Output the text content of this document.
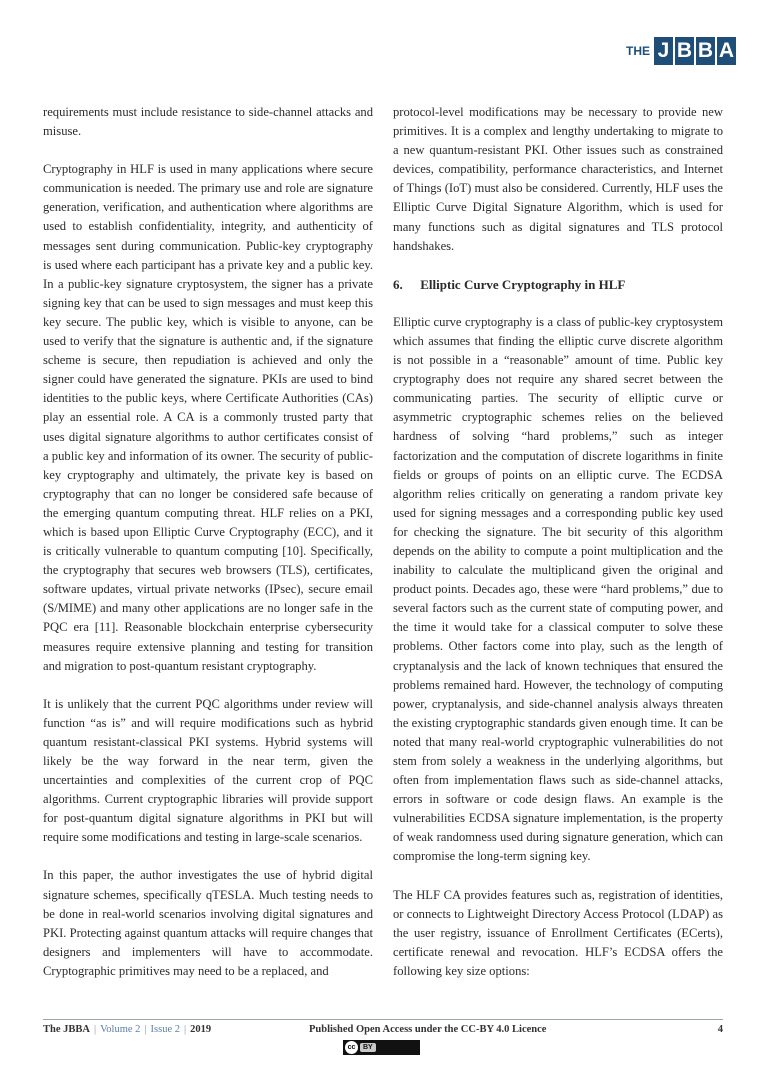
THE J B B A

requirements must include resistance to side-channel attacks and misuse.

Cryptography in HLF is used in many applications where secure communication is needed. The primary use and role are signature generation, verification, and authentication where algorithms are used to establish confidentiality, integrity, and authenticity of messages sent during communication. Public-key cryptography is used where each participant has a private key and a public key. In a public-key signature cryptosystem, the signer has a private signing key that can be used to sign messages and must keep this key secure. The public key, which is visible to anyone, can be used to verify that the signature is authentic and, if the signature scheme is secure, then repudiation is achieved and only the signer could have generated the signature. PKIs are used to bind identities to the public keys, where Certificate Authorities (CAs) play an essential role. A CA is a commonly trusted party that uses digital signature algorithms to author certificates consist of a public key and information of its owner. The security of public-key cryptography and ultimately, the private key is based on cryptography that can no longer be considered safe because of the emerging quantum computing threat. HLF relies on a PKI, which is based upon Elliptic Curve Cryptography (ECC), and it is critically vulnerable to quantum computing [10]. Specifically, the cryptography that secures web browsers (TLS), certificates, software updates, virtual private networks (IPsec), secure email (S/MIME) and many other applications are no longer safe in the PQC era [11]. Reasonable blockchain enterprise cybersecurity measures require extensive planning and testing for transition and migration to post-quantum resistant cryptography.

It is unlikely that the current PQC algorithms under review will function “as is” and will require modifications such as hybrid quantum resistant-classical PKI systems. Hybrid systems will likely be the way forward in the near term, given the uncertainties and complexities of the current crop of PQC algorithms. Current cryptographic libraries will provide support for post-quantum digital signature algorithms in PKI but will require some modifications and testing in large-scale scenarios.

In this paper, the author investigates the use of hybrid digital signature schemes, specifically qTESLA. Much testing needs to be done in real-world scenarios involving digital signatures and PKI. Protecting against quantum attacks will require changes that designers and implementers will have to accommodate. Cryptographic primitives may need to be a replaced, and

protocol-level modifications may be necessary to provide new primitives. It is a complex and lengthy undertaking to migrate to a new quantum-resistant PKI. Other issues such as constrained devices, compatibility, performance characteristics, and Internet of Things (IoT) must also be considered. Currently, HLF uses the Elliptic Curve Digital Signature Algorithm, which is used for many functions such as digital signatures and TLS protocol handshakes.

6. Elliptic Curve Cryptography in HLF

Elliptic curve cryptography is a class of public-key cryptosystem which assumes that finding the elliptic curve discrete algorithm is not possible in a “reasonable” amount of time. Public key cryptography does not require any shared secret between the communicating parties. The security of elliptic curve or asymmetric cryptographic schemes relies on the believed hardness of solving “hard problems,” such as integer factorization and the computation of discrete logarithms in finite fields or groups of points on an elliptic curve. The ECDSA algorithm relies critically on generating a random private key used for signing messages and a corresponding public key used for checking the signature. The bit security of this algorithm depends on the ability to compute a point multiplication and the inability to calculate the multiplicand given the original and product points. Decades ago, these were “hard problems,” due to several factors such as the current state of computing power, and the time it would take for a classical computer to solve these problems. Other factors come into play, such as the length of cryptanalysis and the lack of known techniques that ensured the problems remained hard. However, the technology of computing power, cryptanalysis, and side-channel analysis always threaten the existing cryptographic standards given enough time. It can be noted that many real-world cryptographic vulnerabilities do not stem from solely a weakness in the underlying algorithms, but often from implementation flaws such as side-channel attacks, errors in software or code design flaws. An example is the vulnerabilities ECDSA signature implementation, is the property of weak randomness used during signature generation, which can compromise the long-term signing key.

The HLF CA provides features such as, registration of identities, or connects to Lightweight Directory Access Protocol (LDAP) as the user registry, issuance of Enrollment Certificates (ECerts), certificate renewal and revocation. HLF’s ECDSA offers the following key size options:

The JBBA | Volume 2 | Issue 2 | 2019	Published Open Access under the CC-BY 4.0 Licence	4
cc	BY
